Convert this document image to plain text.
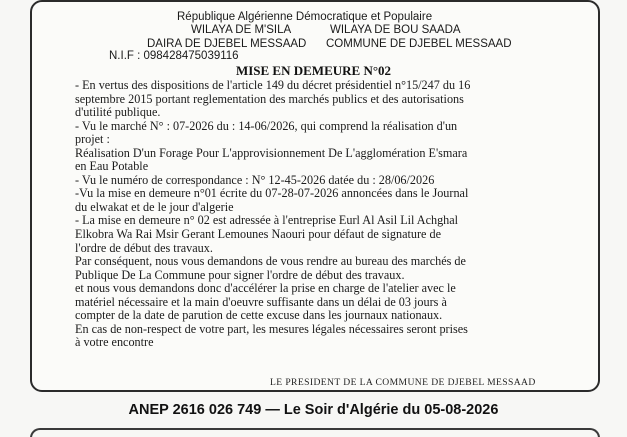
République Algérienne Démocratique et Populaire
WILAYA DE M'SILA	WILAYA DE BOU SAADA
DAIRA DE DJEBEL MESSAAD COMMUNE DE DJEBEL MESSAAD
N.I.F : 098428475039116
MISE EN DEMEURE N°02

- En vertus des dispositions de l'article 149 du décret présidentiel n°15/247 du 16

septembre 2015 portant reglementation des marchés publics et des autorisations

d'utilité publique.

- Vu le marché N° : 07-2026 du : 14-06/2026, qui comprend la réalisation d'un

projet :

Réalisation D'un Forage Pour L'approvisionnement De L'agglomération E'smara

en Eau Potable

- Vu le numéro de correspondance : N° 12-45-2026 datée du : 28/06/2026

-Vu la mise en demeure n°01 écrite du 07-28-07-2026 annoncées dans le Journal

du elwakat et de le jour d'algerie

- La mise en demeure n° 02 est adressée à l'entreprise Eurl Al Asil Lil Achghal

Elkobra Wa Rai Msir Gerant Lemounes Naouri pour défaut de signature de

l'ordre de début des travaux.

Par conséquent, nous vous demandons de vous rendre au bureau des marchés de

Publique De La Commune pour signer l'ordre de début des travaux.

et nous vous demandons donc d'accélérer la prise en charge de l'atelier avec le

matériel nécessaire et la main d'oeuvre suffisante dans un délai de 03 jours à

compter de la date de parution de cette excuse dans les journaux nationaux.

En cas de non-respect de votre part, les mesures légales nécessaires seront prises

à votre encontre

LE PRESIDENT DE LA COMMUNE DE DJEBEL MESSAAD
ANEP 2616 026 749 — Le Soir d'Algérie du 05-08-2026
